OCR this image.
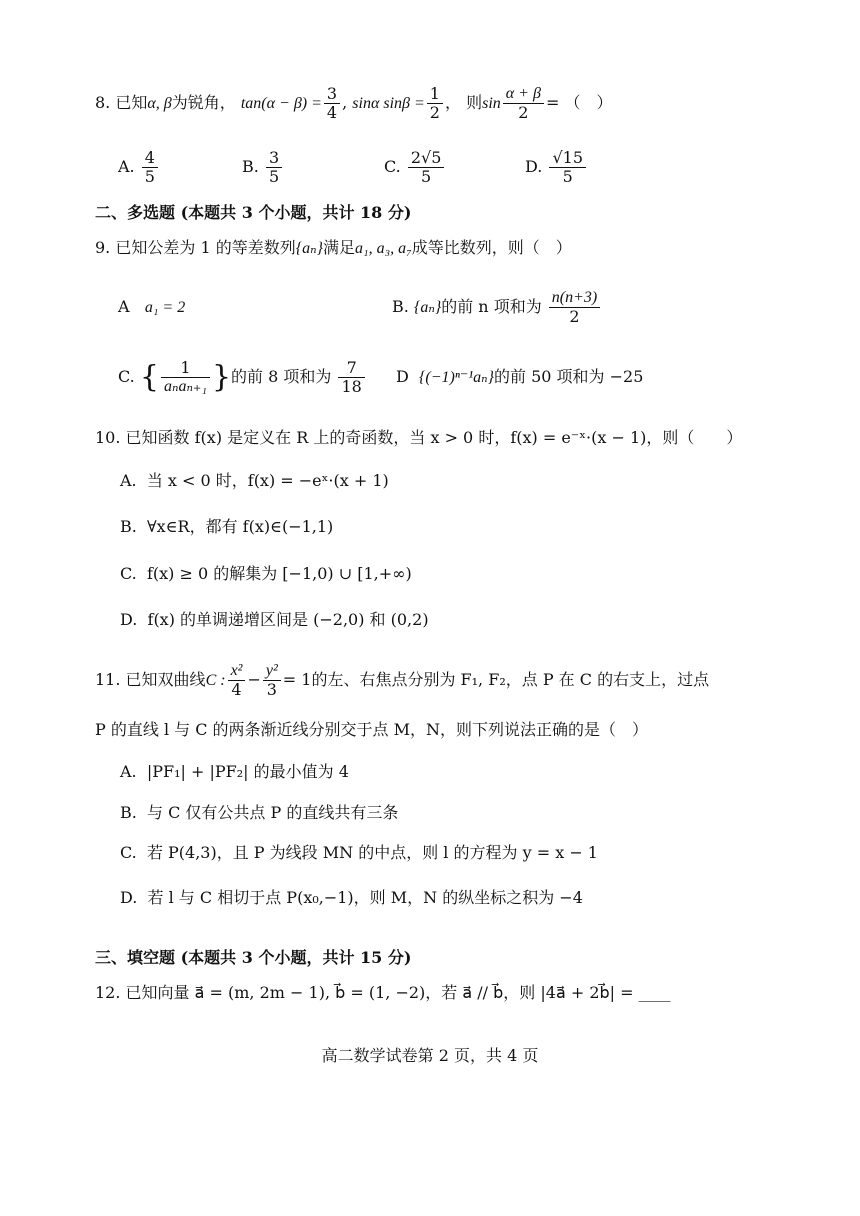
8. 已知α, β为锐角， $\tan(\alpha - \beta) = \frac{3}{4}$ , sinα $\sin\beta = \frac{1}{2}$ ， 则$\sin \frac{\alpha + \beta}{2}$ = （　）
A. $\frac{4}{5}$	B. $\frac{3}{5}$	C. $\frac{2√5}{5}$	D. $\frac{√15}{5}$
二、多选题 (本题共 3 个小题，共计 18 分)
9. 已知公差为 1 的等差数列{aₙ}满足a₁, a₃, a₇成等比数列，则（　）
A a₁ = 2	B. {aₙ}的前 n 项和为 $\frac{n(n+3)}{2}$
C. { $\frac{1}{\text{aₙaₙ₊₁}}$ }的前 8 项和为 $\frac{7}{18}$ D {(−1)ⁿ⁻¹aₙ}的前 50 项和为 −25
10. 已知函数 f(x) 是定义在 R 上的奇函数，当 x > 0 时，f(x) = e⁻ˣ·(x − 1)，则（　　）
A. 当 x < 0 时，f(x) = −eˣ·(x + 1)
B. ∀x∈R，都有 f(x)∈(−1,1)
C. f(x) ≥ 0 的解集为 [−1,0) ∪ [1,+∞)
D. f(x) 的单调递增区间是 (−2,0) 和 (0,2)
11. 已知双曲线C : $\frac{\text{x²}}{4} - \frac{\text{y²}}{3} = 1$的左、右焦点分别为 F₁, F₂，点 P 在 C 的右支上，过点
P 的直线 l 与 C 的两条渐近线分别交于点 M，N，则下列说法正确的是（　）
A. |PF₁| + |PF₂| 的最小值为 4
B. 与 C 仅有公共点 P 的直线共有三条
C. 若 P(4,3)，且 P 为线段 MN 的中点，则 l 的方程为 y = x − 1
D. 若 l 与 C 相切于点 P(x₀,−1)，则 M，N 的纵坐标之积为 −4
三、填空题 (本题共 3 个小题，共计 15 分)
12. 已知向量 a⃗ = (m, 2m − 1), b⃗ = (1, −2)，若 a⃗ // b⃗，则 |4a⃗ + 2b⃗| = ____
高二数学试卷第 2 页，共 4 页
